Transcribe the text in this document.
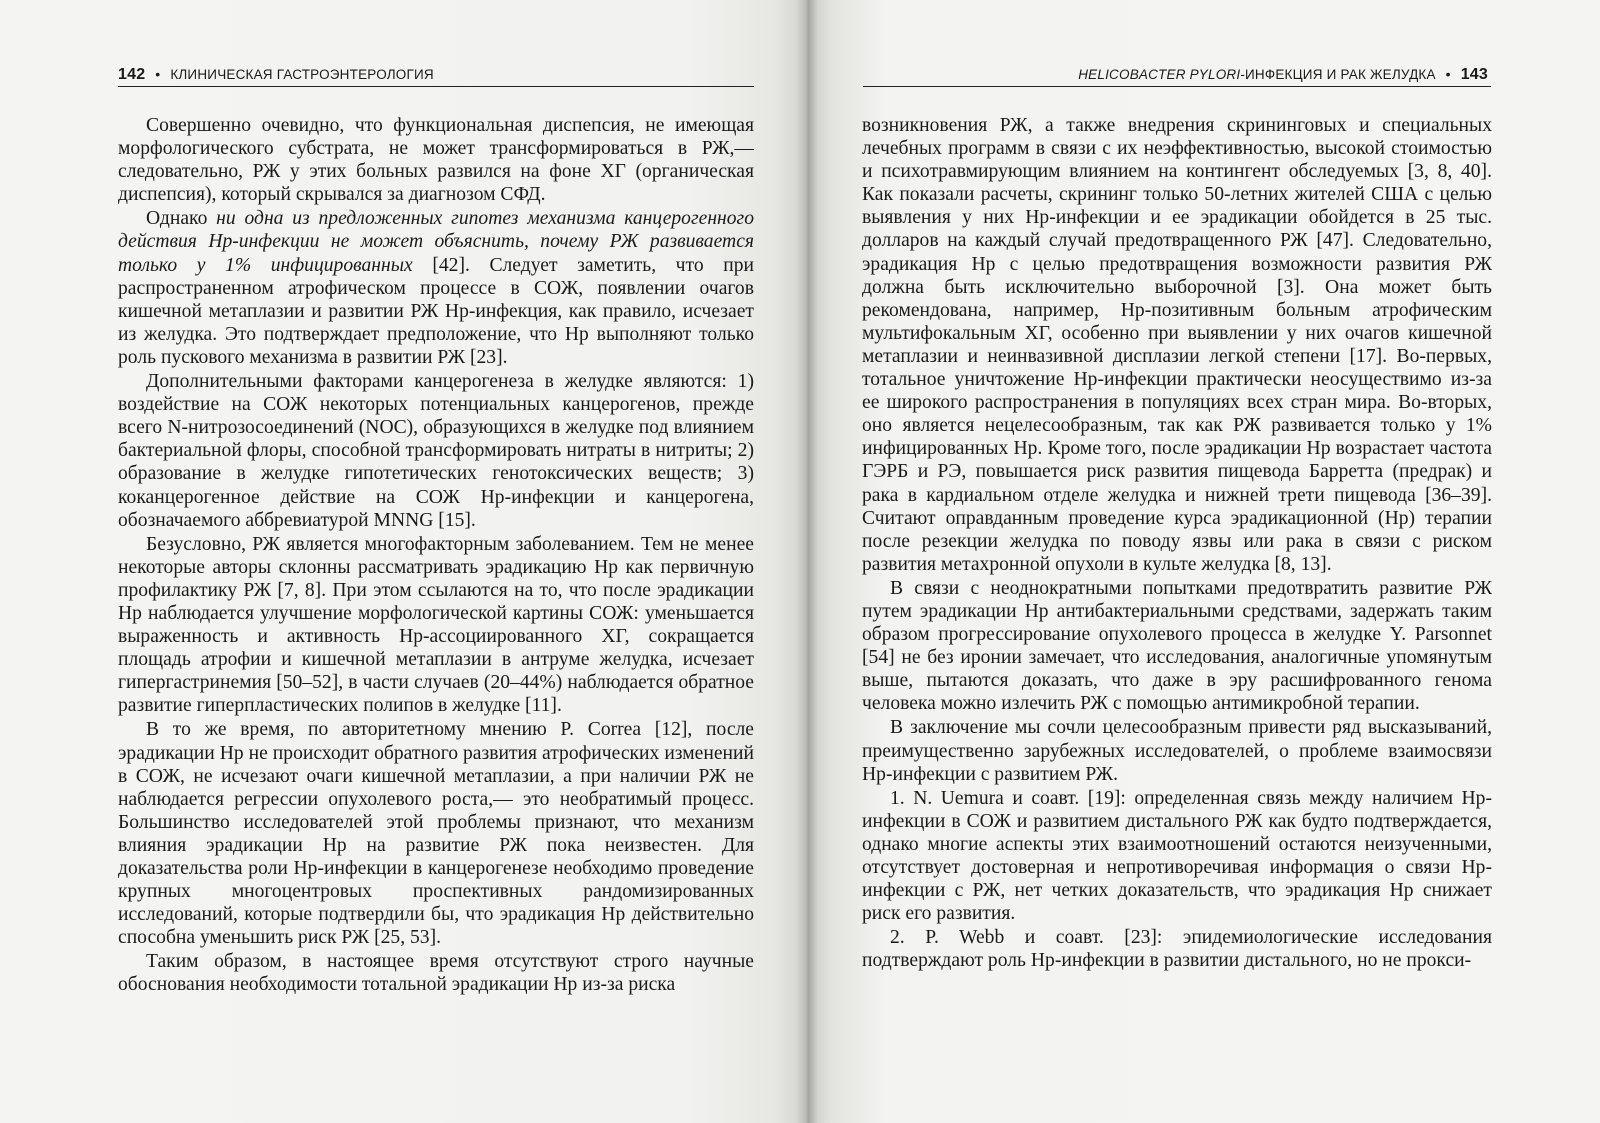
142 • КЛИНИЧЕСКАЯ ГАСТРОЭНТЕРОЛОГИЯ

Совершенно очевидно, что функциональная диспепсия, не имеющая морфологического субстрата, не может трансформироваться в РЖ,— следовательно, РЖ у этих больных развился на фоне ХГ (органическая диспепсия), который скрывался за диагнозом СФД.

Однако ни одна из предложенных гипотез механизма канцерогенного действия Hp-инфекции не может объяснить, почему РЖ развивается только у 1% инфицированных [42]. Следует заметить, что при распространенном атрофическом процессе в СОЖ, появлении очагов кишечной метаплазии и развитии РЖ Hp-инфекция, как правило, исчезает из желудка. Это подтверждает предположение, что Hp выполняют только роль пускового механизма в развитии РЖ [23].

Дополнительными факторами канцерогенеза в желудке являются: 1) воздействие на СОЖ некоторых потенциальных канцерогенов, прежде всего N-нитрозосоединений (NOC), образующихся в желудке под влиянием бактериальной флоры, способной трансформировать нитраты в нитриты; 2) образование в желудке гипотетических генотоксических веществ; 3) коканцерогенное действие на СОЖ Hp-инфекции и канцерогена, обозначаемого аббревиатурой MNNG [15].

Безусловно, РЖ является многофакторным заболеванием. Тем не менее некоторые авторы склонны рассматривать эрадикацию Hp как первичную профилактику РЖ [7, 8]. При этом ссылаются на то, что после эрадикации Hp наблюдается улучшение морфологической картины СОЖ: уменьшается выраженность и активность Hp-ассоциированного ХГ, сокращается площадь атрофии и кишечной метаплазии в антруме желудка, исчезает гипергастринемия [50–52], в части случаев (20–44%) наблюдается обратное развитие гиперпластических полипов в желудке [11].

В то же время, по авторитетному мнению P. Correa [12], после эрадикации Hp не происходит обратного развития атрофических изменений в СОЖ, не исчезают очаги кишечной метаплазии, а при наличии РЖ не наблюдается регрессии опухолевого роста,— это необратимый процесс. Большинство исследователей этой проблемы признают, что механизм влияния эрадикации Hp на развитие РЖ пока неизвестен. Для доказательства роли Hp-инфекции в канцерогенезе необходимо проведение крупных многоцентровых проспективных рандомизированных исследований, которые подтвердили бы, что эрадикация Hp действительно способна уменьшить риск РЖ [25, 53].

Таким образом, в настоящее время отсутствуют строго научные обоснования необходимости тотальной эрадикации Hp из-за риска

HELICOBACTER PYLORI-ИНФЕКЦИЯ И РАК ЖЕЛУДКА • 143

возникновения РЖ, а также внедрения скрининговых и специальных лечебных программ в связи с их неэффективностью, высокой стоимостью и психотравмирующим влиянием на контингент обследуемых [3, 8, 40]. Как показали расчеты, скрининг только 50-летних жителей США с целью выявления у них Hp-инфекции и ее эрадикации обойдется в 25 тыс. долларов на каждый случай предотвращенного РЖ [47]. Следовательно, эрадикация Hp с целью предотвращения возможности развития РЖ должна быть исключительно выборочной [3]. Она может быть рекомендована, например, Hp-позитивным больным атрофическим мультифокальным ХГ, особенно при выявлении у них очагов кишечной метаплазии и неинвазивной дисплазии легкой степени [17]. Во-первых, тотальное уничтожение Hp-инфекции практически неосуществимо из-за ее широкого распространения в популяциях всех стран мира. Во-вторых, оно является нецелесообразным, так как РЖ развивается только у 1% инфицированных Hp. Кроме того, после эрадикации Hp возрастает частота ГЭРБ и РЭ, повышается риск развития пищевода Барретта (предрак) и рака в кардиальном отделе желудка и нижней трети пищевода [36–39]. Считают оправданным проведение курса эрадикационной (Hp) терапии после резекции желудка по поводу язвы или рака в связи с риском развития метахронной опухоли в культе желудка [8, 13].

В связи с неоднократными попытками предотвратить развитие РЖ путем эрадикации Hp антибактериальными средствами, задержать таким образом прогрессирование опухолевого процесса в желудке Y. Parsonnet [54] не без иронии замечает, что исследования, аналогичные упомянутым выше, пытаются доказать, что даже в эру расшифрованного генома человека можно излечить РЖ с помощью антимикробной терапии.

В заключение мы сочли целесообразным привести ряд высказываний, преимущественно зарубежных исследователей, о проблеме взаимосвязи Hp-инфекции с развитием РЖ.

1. N. Uemura и соавт. [19]: определенная связь между наличием Hp-инфекции в СОЖ и развитием дистального РЖ как будто подтверждается, однако многие аспекты этих взаимоотношений остаются неизученными, отсутствует достоверная и непротиворечивая информация о связи Hp-инфекции с РЖ, нет четких доказательств, что эрадикация Hp снижает риск его развития.

2. P. Webb и соавт. [23]: эпидемиологические исследования подтверждают роль Hp-инфекции в развитии дистального, но не прокси-
